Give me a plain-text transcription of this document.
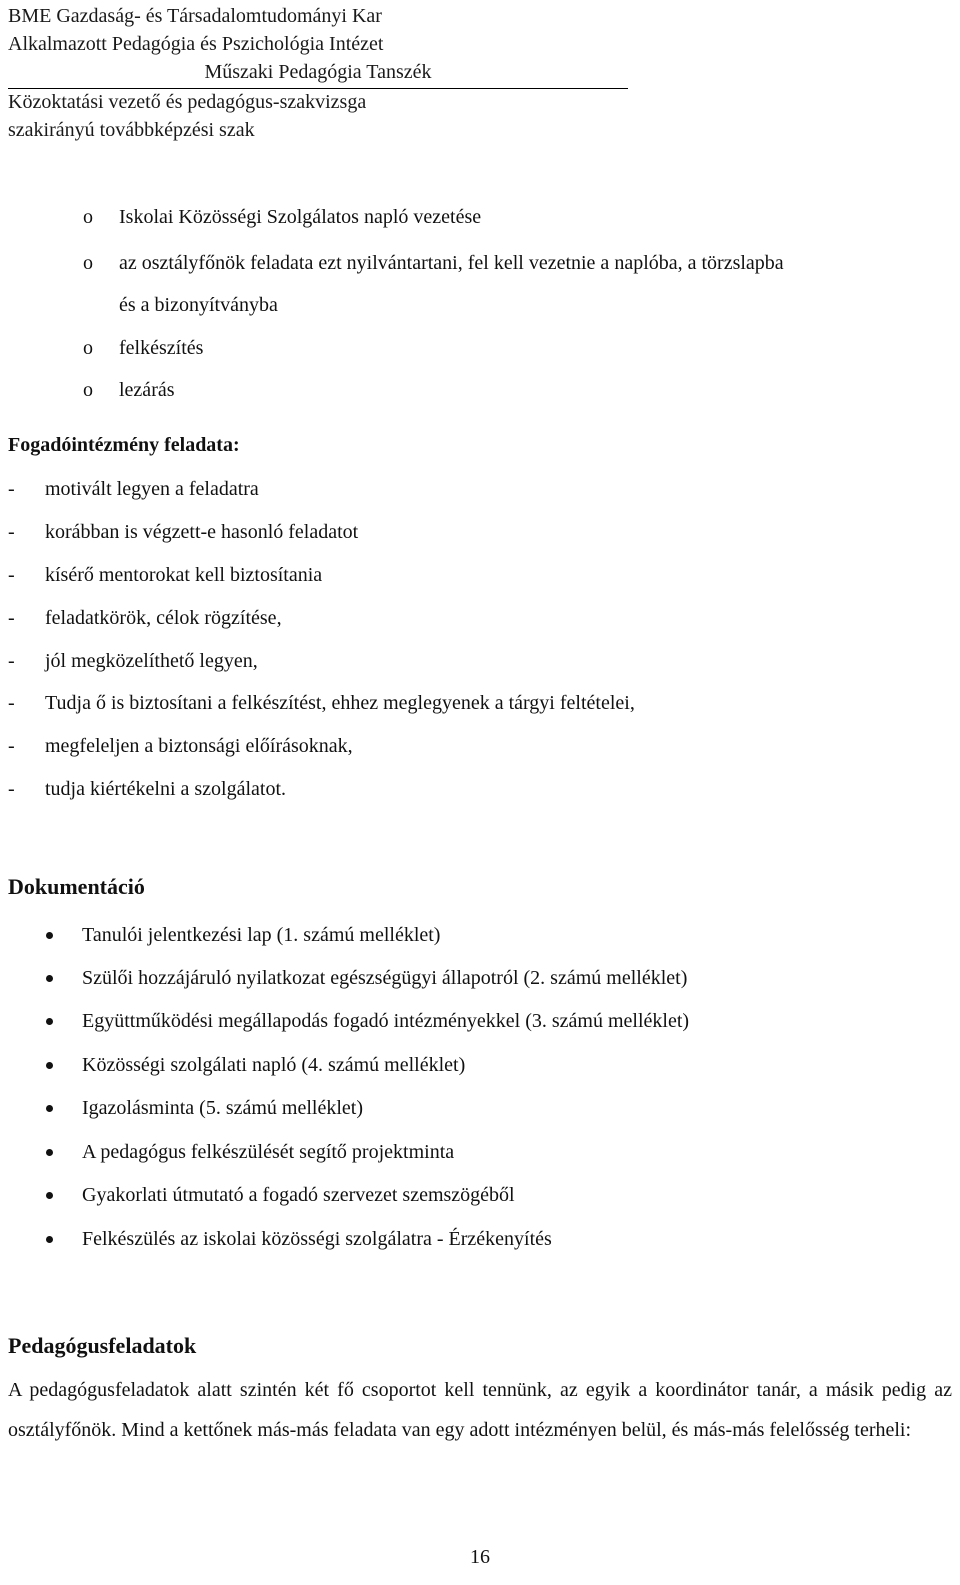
BME Gazdaság- és Társadalomtudományi Kar
Alkalmazott Pedagógia és Pszichológia Intézet
Műszaki Pedagógia Tanszék
Közoktatási vezető és pedagógus-szakvizsga
szakirányú továbbképzési szak
o Iskolai Közösségi Szolgálatos napló vezetése
o az osztályfőnök feladata ezt nyilvántartani, fel kell vezetnie a naplóba, a törzslapba
és a bizonyítványba
o felkészítés
o lezárás
Fogadóintézmény feladata:
- motivált legyen a feladatra
- korábban is végzett-e hasonló feladatot
- kísérő mentorokat kell biztosítania
- feladatkörök, célok rögzítése,
- jól megközelíthető legyen,
- Tudja ő is biztosítani a felkészítést, ehhez meglegyenek a tárgyi feltételei,
- megfeleljen a biztonsági előírásoknak,
- tudja kiértékelni a szolgálatot.
Dokumentáció
Tanulói jelentkezési lap (1. számú melléklet)
Szülői hozzájáruló nyilatkozat egészségügyi állapotról (2. számú melléklet)
Együttműködési megállapodás fogadó intézményekkel (3. számú melléklet)
Közösségi szolgálati napló (4. számú melléklet)
Igazolásminta (5. számú melléklet)
A pedagógus felkészülését segítő projektminta
Gyakorlati útmutató a fogadó szervezet szemszögéből
Felkészülés az iskolai közösségi szolgálatra - Érzékenyítés
Pedagógusfeladatok
A pedagógusfeladatok alatt szintén két fő csoportot kell tennünk, az egyik a koordinátor tanár, a másik pedig az osztályfőnök. Mind a kettőnek más-más feladata van egy adott intézményen belül, és más-más felelősség terheli:
16
